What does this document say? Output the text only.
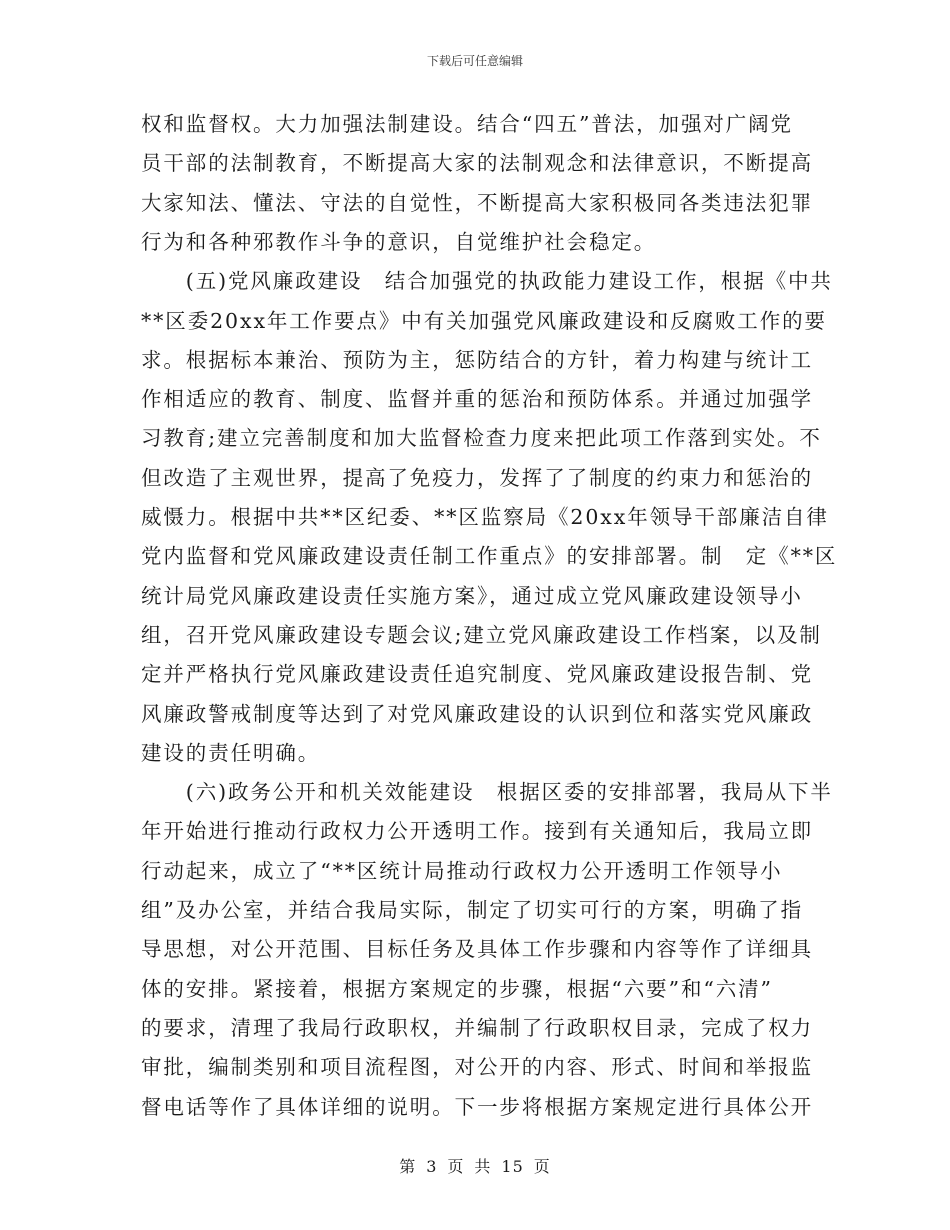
下载后可任意编辑
权和监督权。大力加强法制建设。结合“四五”普法，加强对广阔党
员干部的法制教育，不断提高大家的法制观念和法律意识，不断提高
大家知法、懂法、守法的自觉性，不断提高大家积极同各类违法犯罪
行为和各种邪教作斗争的意识，自觉维护社会稳定。
　　(五)党风廉政建设　结合加强党的执政能力建设工作，根据《中共
**区委20xx年工作要点》中有关加强党风廉政建设和反腐败工作的要
求。根据标本兼治、预防为主，惩防结合的方针，着力构建与统计工
作相适应的教育、制度、监督并重的惩治和预防体系。并通过加强学
习教育;建立完善制度和加大监督检查力度来把此项工作落到实处。不
但改造了主观世界，提高了免疫力，发挥了了制度的约束力和惩治的
威慑力。根据中共**区纪委、**区监察局《20xx年领导干部廉洁自律
党内监督和党风廉政建设责任制工作重点》的安排部署。制　定《**区
统计局党风廉政建设责任实施方案》，通过成立党风廉政建设领导小
组，召开党风廉政建设专题会议;建立党风廉政建设工作档案，以及制
定并严格执行党风廉政建设责任追究制度、党风廉政建设报告制、党
风廉政警戒制度等达到了对党风廉政建设的认识到位和落实党风廉政
建设的责任明确。
　　(六)政务公开和机关效能建设　根据区委的安排部署，我局从下半
年开始进行推动行政权力公开透明工作。接到有关通知后，我局立即
行动起来，成立了“**区统计局推动行政权力公开透明工作领导小
组”及办公室，并结合我局实际，制定了切实可行的方案，明确了指
导思想，对公开范围、目标任务及具体工作步骤和内容等作了详细具
体的安排。紧接着，根据方案规定的步骤，根据“六要”和“六清”
的要求，清理了我局行政职权，并编制了行政职权目录，完成了权力
审批，编制类别和项目流程图，对公开的内容、形式、时间和举报监
督电话等作了具体详细的说明。下一步将根据方案规定进行具体公开
第 3 页 共 15 页
